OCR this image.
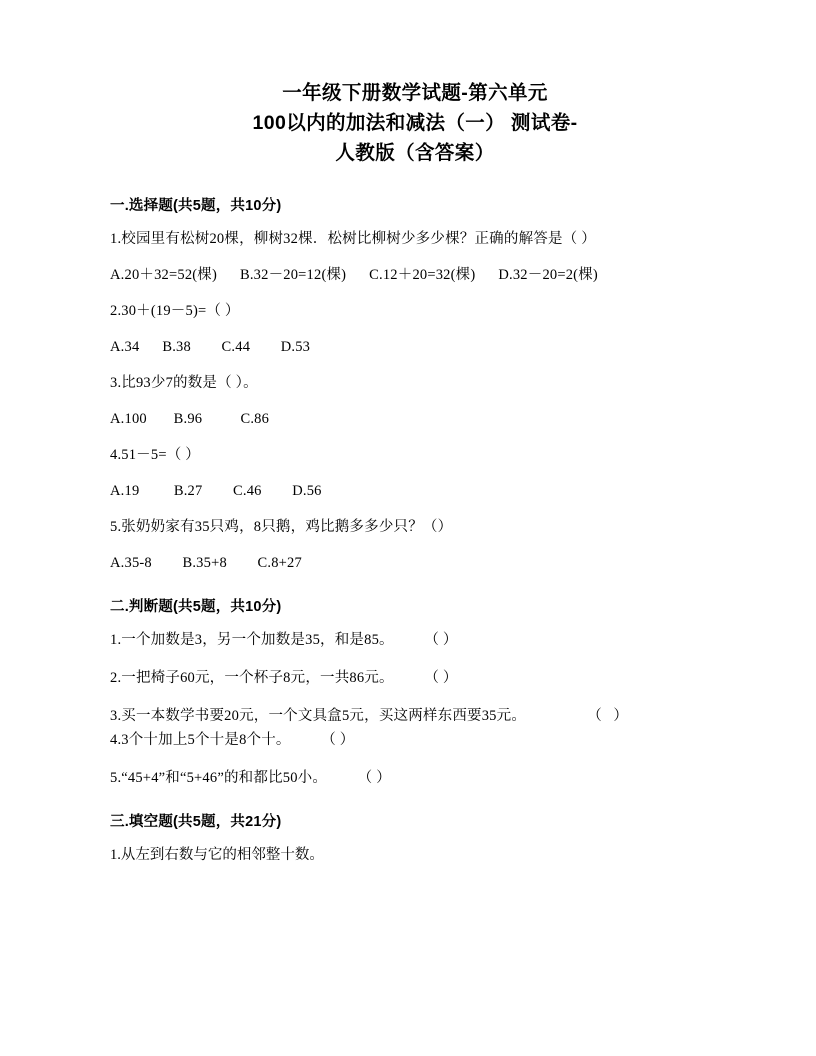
一年级下册数学试题-第六单元
100以内的加法和减法（一） 测试卷-
人教版（含答案）
一.选择题(共5题，共10分)

1.校园里有松树20棵，柳树32棵．松树比柳树少多少棵？正确的解答是（ ）

A.20＋32=52(棵)      B.32－20=12(棵)      C.12＋20=32(棵)      D.32－20=2(棵)

2.30＋(19－5)=（ ）

A.34      B.38        C.44        D.53

3.比93少7的数是（ ）。

A.100       B.96          C.86

4.51－5=（ ）

A.19         B.27        C.46        D.56

5.张奶奶家有35只鸡，8只鹅，鸡比鹅多多少只？（）

A.35-8        B.35+8        C.8+27

二.判断题(共5题，共10分)

1.一个加数是3，另一个加数是35，和是85。        （ ）

2.一把椅子60元，一个杯子8元，一共86元。        （ ）

3.买一本数学书要20元，一个文具盒5元，买这两样东西要35元。                （   ）

4.3个十加上5个十是8个十。        （ ）

5.“45+4”和“5+46”的和都比50小。        （ ）

三.填空题(共5题，共21分)

1.从左到右数与它的相邻整十数。
